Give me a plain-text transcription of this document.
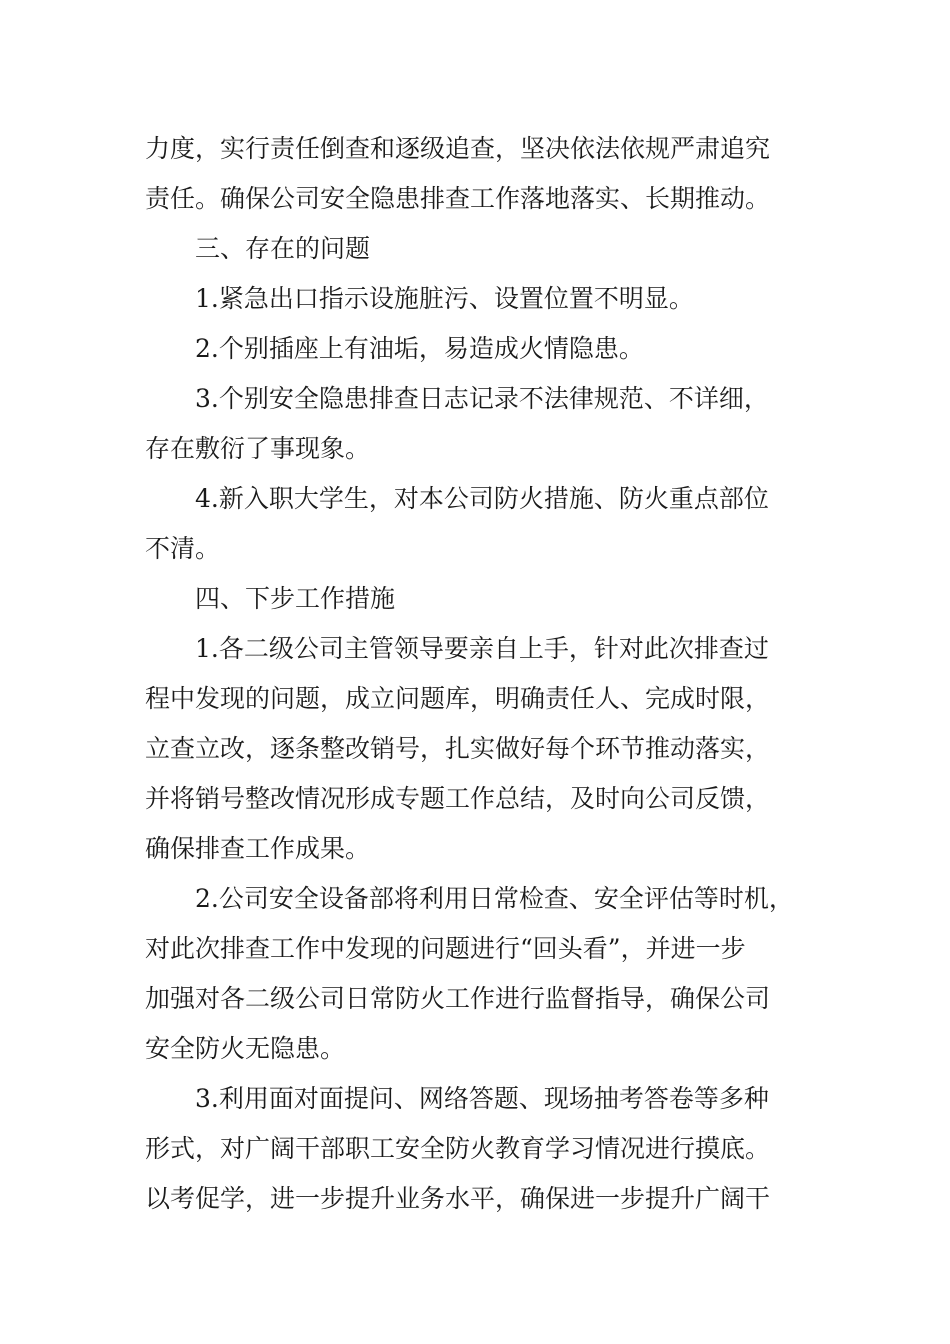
力度，实行责任倒查和逐级追查，坚决依法依规严肃追究
责任。确保公司安全隐患排查工作落地落实、长期推动。
三、存在的问题
1.紧急出口指示设施脏污、设置位置不明显。
2.个别插座上有油垢，易造成火情隐患。
3.个别安全隐患排查日志记录不法律规范、不详细，
存在敷衍了事现象。
4.新入职大学生，对本公司防火措施、防火重点部位
不清。
四、下步工作措施
1.各二级公司主管领导要亲自上手，针对此次排查过
程中发现的问题，成立问题库，明确责任人、完成时限，
立查立改，逐条整改销号，扎实做好每个环节推动落实，
并将销号整改情况形成专题工作总结，及时向公司反馈，
确保排查工作成果。
2.公司安全设备部将利用日常检查、安全评估等时机，
对此次排查工作中发现的问题进行“回头看”，并进一步
加强对各二级公司日常防火工作进行监督指导，确保公司
安全防火无隐患。
3.利用面对面提问、网络答题、现场抽考答卷等多种
形式，对广阔干部职工安全防火教育学习情况进行摸底。
以考促学，进一步提升业务水平，确保进一步提升广阔干
